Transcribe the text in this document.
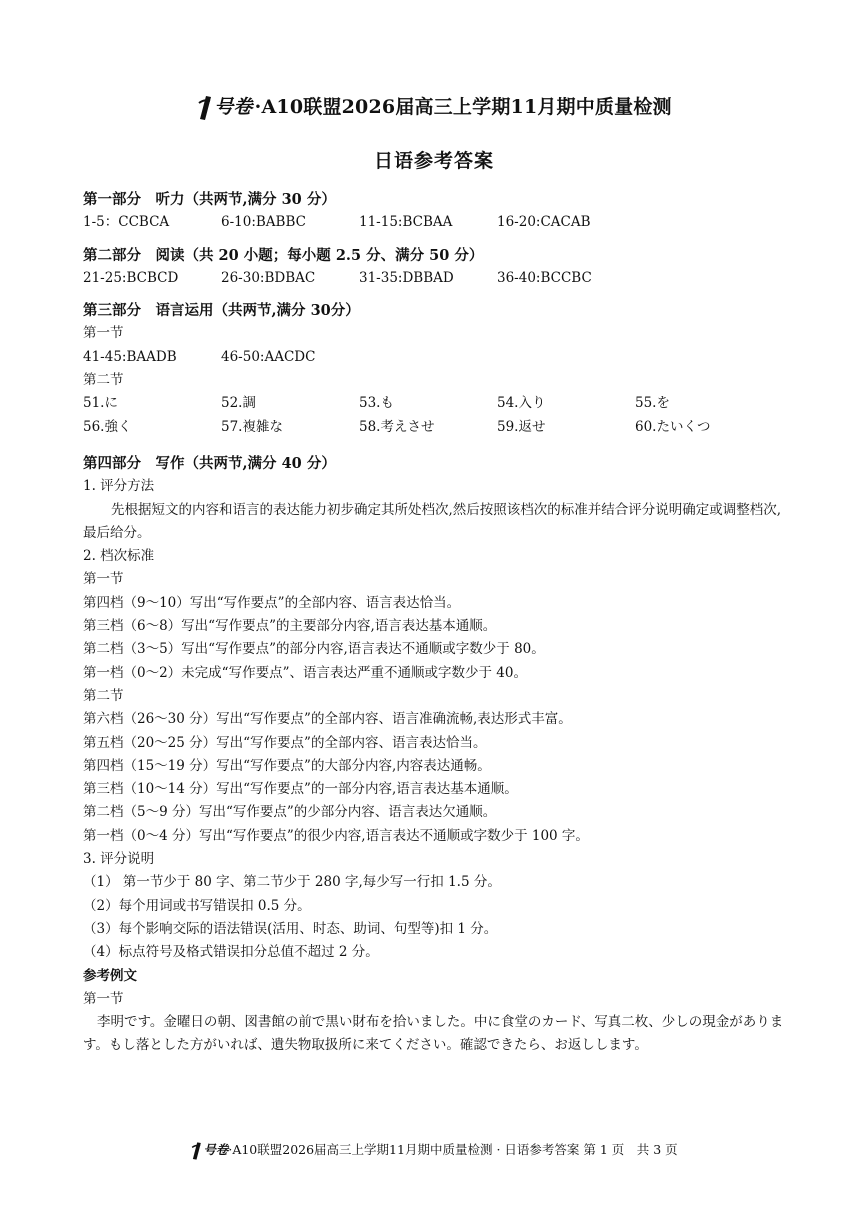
号卷 ·A10联盟2026届高三上学期11月期中质量检测
日语参考答案
第一部分　听力（共两节,满分 30 分）
1-5：CCBCA	6-10:BABBC	11-15:BCBAA	16-20:CACAB
第二部分　阅读（共 20 小题；每小题 2.5 分、满分 50 分）
21-25:BCBCD	26-30:BDBAC	31-35:DBBAD	36-40:BCCBC
第三部分　语言运用（共两节,满分 30分）
第一节
41-45:BAADB	46-50:AACDC
第二节
51.に	52.調	53.も	54.入り	55.を
56.強く	57.複雑な	58.考えさせ	59.返せ	60.たいくつ
第四部分　写作（共两节,满分 40 分）
1. 评分方法
先根据短文的内容和语言的表达能力初步确定其所处档次,然后按照该档次的标准并结合评分说明确定或调整档次,最后给分。
2. 档次标准
第一节
第四档（9～10）写出“写作要点”的全部内容、语言表达恰当。
第三档（6～8）写出“写作要点”的主要部分内容,语言表达基本通顺。
第二档（3～5）写出“写作要点”的部分内容,语言表达不通顺或字数少于 80。
第一档（0～2）未完成“写作要点”、语言表达严重不通顺或字数少于 40。
第二节
第六档（26～30 分）写出“写作要点”的全部内容、语言准确流畅,表达形式丰富。
第五档（20～25 分）写出“写作要点”的全部内容、语言表达恰当。
第四档（15～19 分）写出“写作要点”的大部分内容,内容表达通畅。
第三档（10～14 分）写出“写作要点”的一部分内容,语言表达基本通顺。
第二档（5～9 分）写出“写作要点”的少部分内容、语言表达欠通顺。
第一档（0～4 分）写出“写作要点”的很少内容,语言表达不通顺或字数少于 100 字。
3. 评分说明
（1） 第一节少于 80 字、第二节少于 280 字,每少写一行扣 1.5 分。
（2）每个用词或书写错误扣 0.5 分。
（3）每个影响交际的语法错误(活用、时态、助词、句型等)扣 1 分。
（4）标点符号及格式错误扣分总值不超过 2 分。
参考例文
第一节
李明です。金曜日の朝、図書館の前で黒い財布を拾いました。中に食堂のカード、写真二枚、少しの現金があります。もし落とした方がいれば、遺失物取扱所に来てください。確認できたら、お返しします。
号卷·A10联盟2026届高三上学期11月期中质量检测 · 日语参考答案 第 1 页　共 3 页
